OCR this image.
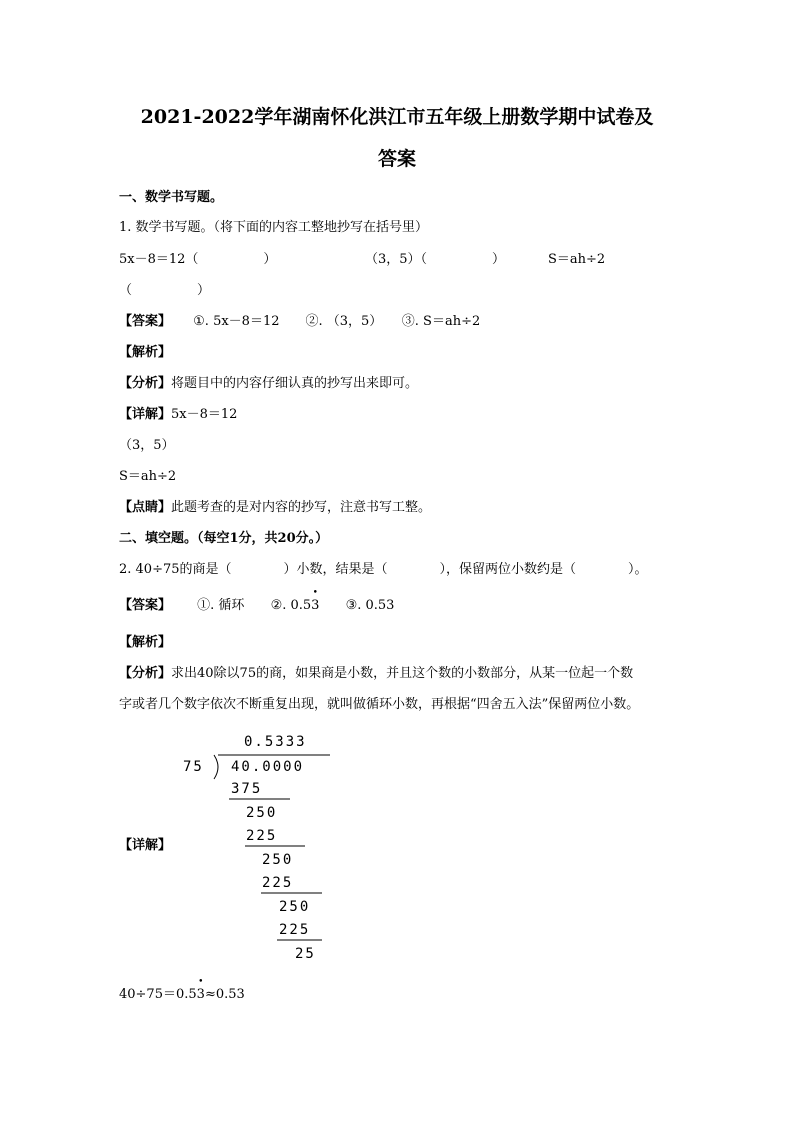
2021-2022学年湖南怀化洪江市五年级上册数学期中试卷及
答案
一、数学书写题。
1. 数学书写题。（将下面的内容工整地抄写在括号里）
5x－8＝12（　　　　　）	（3，5）（　　　　　）	S＝ah÷2
（　　　　　）
【答案】 ①. 5x－8＝12　　②. （3，5）　　③. S＝ah÷2
【解析】
【分析】将题目中的内容仔细认真的抄写出来即可。
【详解】5x－8＝12
（3，5）
S＝ah÷2
【点睛】此题考查的是对内容的抄写，注意书写工整。
二、填空题。（每空1分，共20分。）
2. 40÷75的商是（　　　　）小数，结果是（　　　　），保留两位小数约是（　　　　）。
【答案】 ①. 循环 ②. 0.53
•
③. 0.53
【解析】
【分析】求出40除以75的商，如果商是小数，并且这个数的小数部分，从某一位起一个数
字或者几个数字依次不断重复出现，就叫做循环小数，再根据“四舍五入法”保留两位小数。
【详解】
0.5333
75 40.0000
375
250
225
250
225
250
225
25
40÷75＝0.53
•
≈0.53
